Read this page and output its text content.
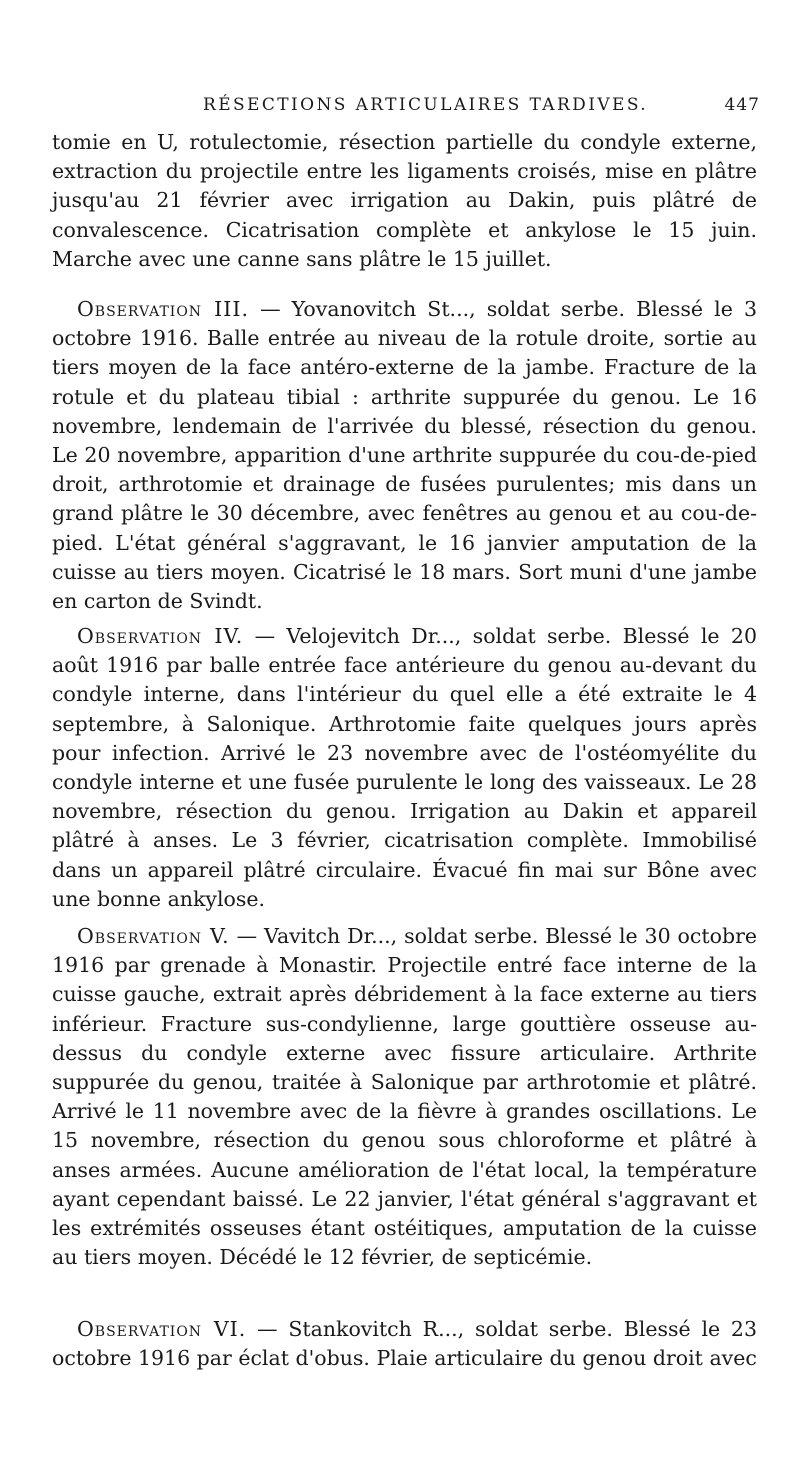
RÉSECTIONS ARTICULAIRES TARDIVES.	447

tomie en U, rotulectomie, résection partielle du condyle externe, extraction du projectile entre les ligaments croisés, mise en plâtre jusqu'au 21 février avec irrigation au Dakin, puis plâtré de convalescence. Cicatrisation complète et ankylose le 15 juin. Marche avec une canne sans plâtre le 15 juillet.

Observation III. — Yovanovitch St..., soldat serbe. Blessé le 3 octobre 1916. Balle entrée au niveau de la rotule droite, sortie au tiers moyen de la face antéro-externe de la jambe. Fracture de la rotule et du plateau tibial : arthrite suppurée du genou. Le 16 novembre, lendemain de l'arrivée du blessé, résection du genou. Le 20 novembre, apparition d'une arthrite suppurée du cou-de-pied droit, arthrotomie et drainage de fusées purulentes; mis dans un grand plâtre le 30 décembre, avec fenêtres au genou et au cou-de-pied. L'état général s'aggravant, le 16 janvier amputation de la cuisse au tiers moyen. Cicatrisé le 18 mars. Sort muni d'une jambe en carton de Svindt.

Observation IV. — Velojevitch Dr..., soldat serbe. Blessé le 20 août 1916 par balle entrée face antérieure du genou au-devant du condyle interne, dans l'intérieur du quel elle a été extraite le 4 septembre, à Salonique. Arthrotomie faite quelques jours après pour infection. Arrivé le 23 novembre avec de l'ostéomyélite du condyle interne et une fusée purulente le long des vaisseaux. Le 28 novembre, résection du genou. Irrigation au Dakin et appareil plâtré à anses. Le 3 février, cicatrisation complète. Immobilisé dans un appareil plâtré circulaire. Évacué fin mai sur Bône avec une bonne ankylose.

Observation V. — Vavitch Dr..., soldat serbe. Blessé le 30 octobre 1916 par grenade à Monastir. Projectile entré face interne de la cuisse gauche, extrait après débridement à la face externe au tiers inférieur. Fracture sus-condylienne, large gouttière osseuse au-dessus du condyle externe avec fissure articulaire. Arthrite suppurée du genou, traitée à Salonique par arthrotomie et plâtré. Arrivé le 11 novembre avec de la fièvre à grandes oscillations. Le 15 novembre, résection du genou sous chloroforme et plâtré à anses armées. Aucune amélioration de l'état local, la température ayant cependant baissé. Le 22 janvier, l'état général s'aggravant et les extrémités osseuses étant ostéitiques, amputation de la cuisse au tiers moyen. Décédé le 12 février, de septicémie.

Observation VI. — Stankovitch R..., soldat serbe. Blessé le 23 octobre 1916 par éclat d'obus. Plaie articulaire du genou droit avec
